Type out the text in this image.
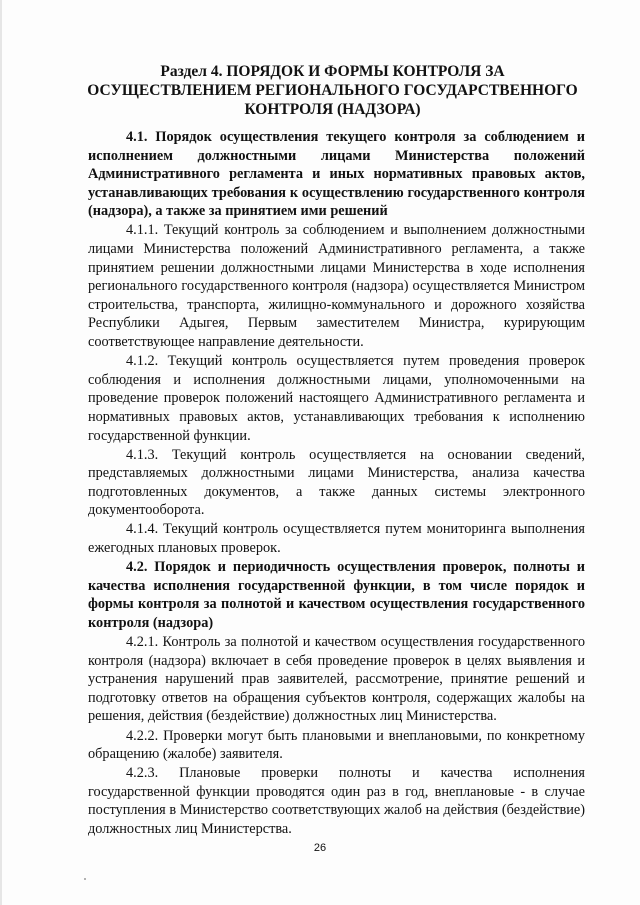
Раздел 4. ПОРЯДОК И ФОРМЫ КОНТРОЛЯ ЗА ОСУЩЕСТВЛЕНИЕМ РЕГИОНАЛЬНОГО ГОСУДАРСТВЕННОГО КОНТРОЛЯ (НАДЗОРА)

4.1. Порядок осуществления текущего контроля за соблюдением и исполнением должностными лицами Министерства положений Административного регламента и иных нормативных правовых актов, устанавливающих требования к осуществлению государственного контроля (надзора), а также за принятием ими решений

4.1.1. Текущий контроль за соблюдением и выполнением должностными лицами Министерства положений Административного регламента, а также принятием решении должностными лицами Министерства в ходе исполнения регионального государственного контроля (надзора) осуществляется Министром строительства, транспорта, жилищно-коммунального и дорожного хозяйства Республики Адыгея, Первым заместителем Министра, курирующим соответствующее направление деятельности.

4.1.2. Текущий контроль осуществляется путем проведения проверок соблюдения и исполнения должностными лицами, уполномоченными на проведение проверок положений настоящего Административного регламента и нормативных правовых актов, устанавливающих требования к исполнению государственной функции.

4.1.3. Текущий контроль осуществляется на основании сведений, представляемых должностными лицами Министерства, анализа качества подготовленных документов, а также данных системы электронного документооборота.

4.1.4. Текущий контроль осуществляется путем мониторинга выполнения ежегодных плановых проверок.

4.2. Порядок и периодичность осуществления проверок, полноты и качества исполнения государственной функции, в том числе порядок и формы контроля за полнотой и качеством осуществления государственного контроля (надзора)

4.2.1. Контроль за полнотой и качеством осуществления государственного контроля (надзора) включает в себя проведение проверок в целях выявления и устранения нарушений прав заявителей, рассмотрение, принятие решений и подготовку ответов на обращения субъектов контроля, содержащих жалобы на решения, действия (бездействие) должностных лиц Министерства.

4.2.2. Проверки могут быть плановыми и внеплановыми, по конкретному обращению (жалобе) заявителя.

4.2.3. Плановые проверки полноты и качества исполнения государственной функции проводятся один раз в год, внеплановые - в случае поступления в Министерство соответствующих жалоб на действия (бездействие) должностных лиц Министерства.

26
